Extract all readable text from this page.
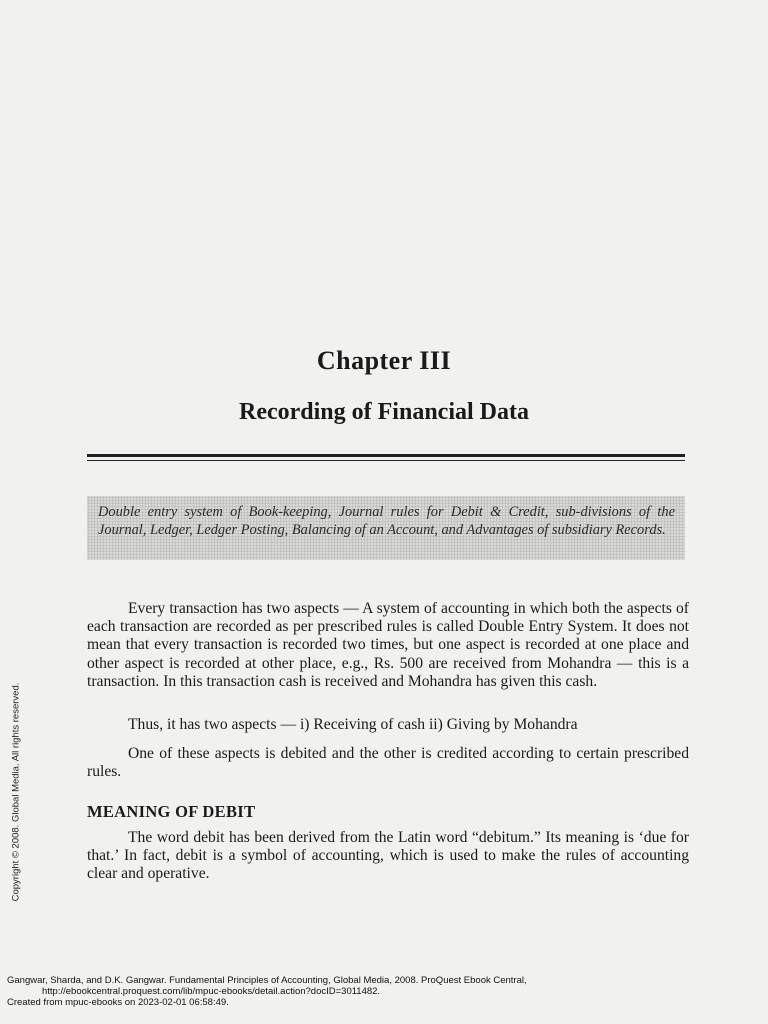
Chapter III
Recording of Financial Data
Double entry system of Book-keeping, Journal rules for Debit & Credit, sub-divisions of the Journal, Ledger, Ledger Posting, Balancing of an Account, and Advantages of subsidiary Records.

Every transaction has two aspects — A system of accounting in which both the aspects of each transaction are recorded as per prescribed rules is called Double Entry System. It does not mean that every transaction is recorded two times, but one aspect is recorded at one place and other aspect is recorded at other place, e.g., Rs. 500 are received from Mohandra — this is a transaction. In this transaction cash is received and Mohandra has given this cash.

Thus, it has two aspects — i) Receiving of cash ii) Giving by Mohandra

One of these aspects is debited and the other is credited according to certain prescribed rules.

MEANING OF DEBIT

The word debit has been derived from the Latin word “debitum.” Its meaning is ‘due for that.’ In fact, debit is a symbol of accounting, which is used to make the rules of accounting clear and operative.

Copyright © 2008. Global Media. All rights reserved.
Gangwar, Sharda, and D.K. Gangwar. Fundamental Principles of Accounting, Global Media, 2008. ProQuest Ebook Central,
http://ebookcentral.proquest.com/lib/mpuc-ebooks/detail.action?docID=3011482.
Created from mpuc-ebooks on 2023-02-01 06:58:49.
